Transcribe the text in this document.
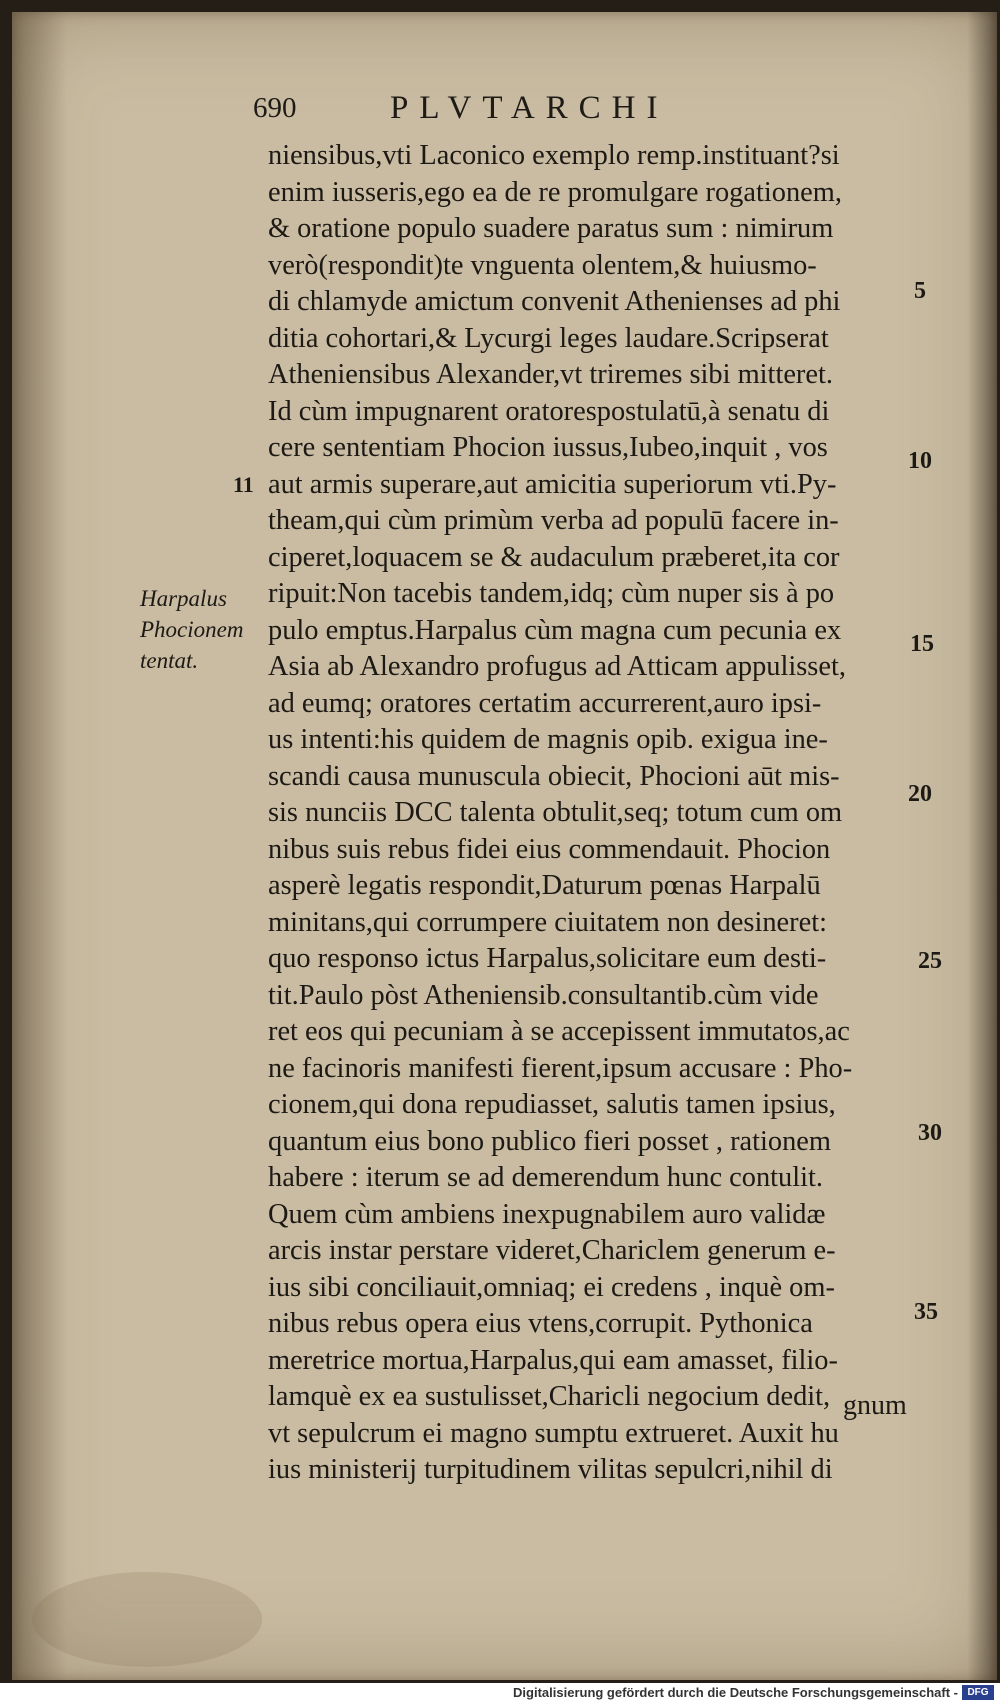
690	PLVTARCHI
niensibus,vti Laconico exemplo remp.instituant?si
enim iusseris,ego ea de re promulgare rogationem,
& oratione populo suadere paratus sum : nimirum
verò(respondit)te vnguenta olentem,& huiusmo-
di chlamyde amictum convenit Athenienses ad phi
ditia cohortari,& Lycurgi leges laudare.Scripserat
Atheniensibus Alexander,vt triremes sibi mitteret.
Id cùm impugnarent oratorespostulatū,à senatu di
cere sententiam Phocion iussus,Iubeo,inquit , vos
aut armis superare,aut amicitia superiorum vti.Py-
theam,qui cùm primùm verba ad populū facere in-
ciperet,loquacem se & audaculum præberet,ita cor
ripuit:Non tacebis tandem,idq; cùm nuper sis à po
pulo emptus.Harpalus cùm magna cum pecunia ex
Asia ab Alexandro profugus ad Atticam appulisset,
ad eumq; oratores certatim accurrerent,auro ipsi-
us intenti:his quidem de magnis opib. exigua ine-
scandi causa munuscula obiecit, Phocioni aūt mis-
sis nunciis DCC talenta obtulit,seq; totum cum om
nibus suis rebus fidei eius commendauit. Phocion
asperè legatis respondit,Daturum pœnas Harpalū
minitans,qui corrumpere ciuitatem non desineret:
quo responso ictus Harpalus,solicitare eum desti-
tit.Paulo pòst Atheniensib.consultantib.cùm vide
ret eos qui pecuniam à se accepissent immutatos,ac
ne facinoris manifesti fierent,ipsum accusare : Pho-
cionem,qui dona repudiasset, salutis tamen ipsius,
quantum eius bono publico fieri posset , rationem
habere : iterum se ad demerendum hunc contulit.
Quem cùm ambiens inexpugnabilem auro validæ
arcis instar perstare videret,Chariclem generum e-
ius sibi conciliauit,omniaq; ei credens , inquè om-
nibus rebus opera eius vtens,corrupit. Pythonica
meretrice mortua,Harpalus,qui eam amasset, filio-
lamquè ex ea sustulisset,Charicli negocium dedit,
vt sepulcrum ei magno sumptu extrueret. Auxit hu
ius ministerij turpitudinem vilitas sepulcri,nihil di
gnum
5
10
15
20
25
30
35
11
Harpalus
Phocionem
tentat.
Digitalisierung gefördert durch die Deutsche Forschungsgemeinschaft - DFG
